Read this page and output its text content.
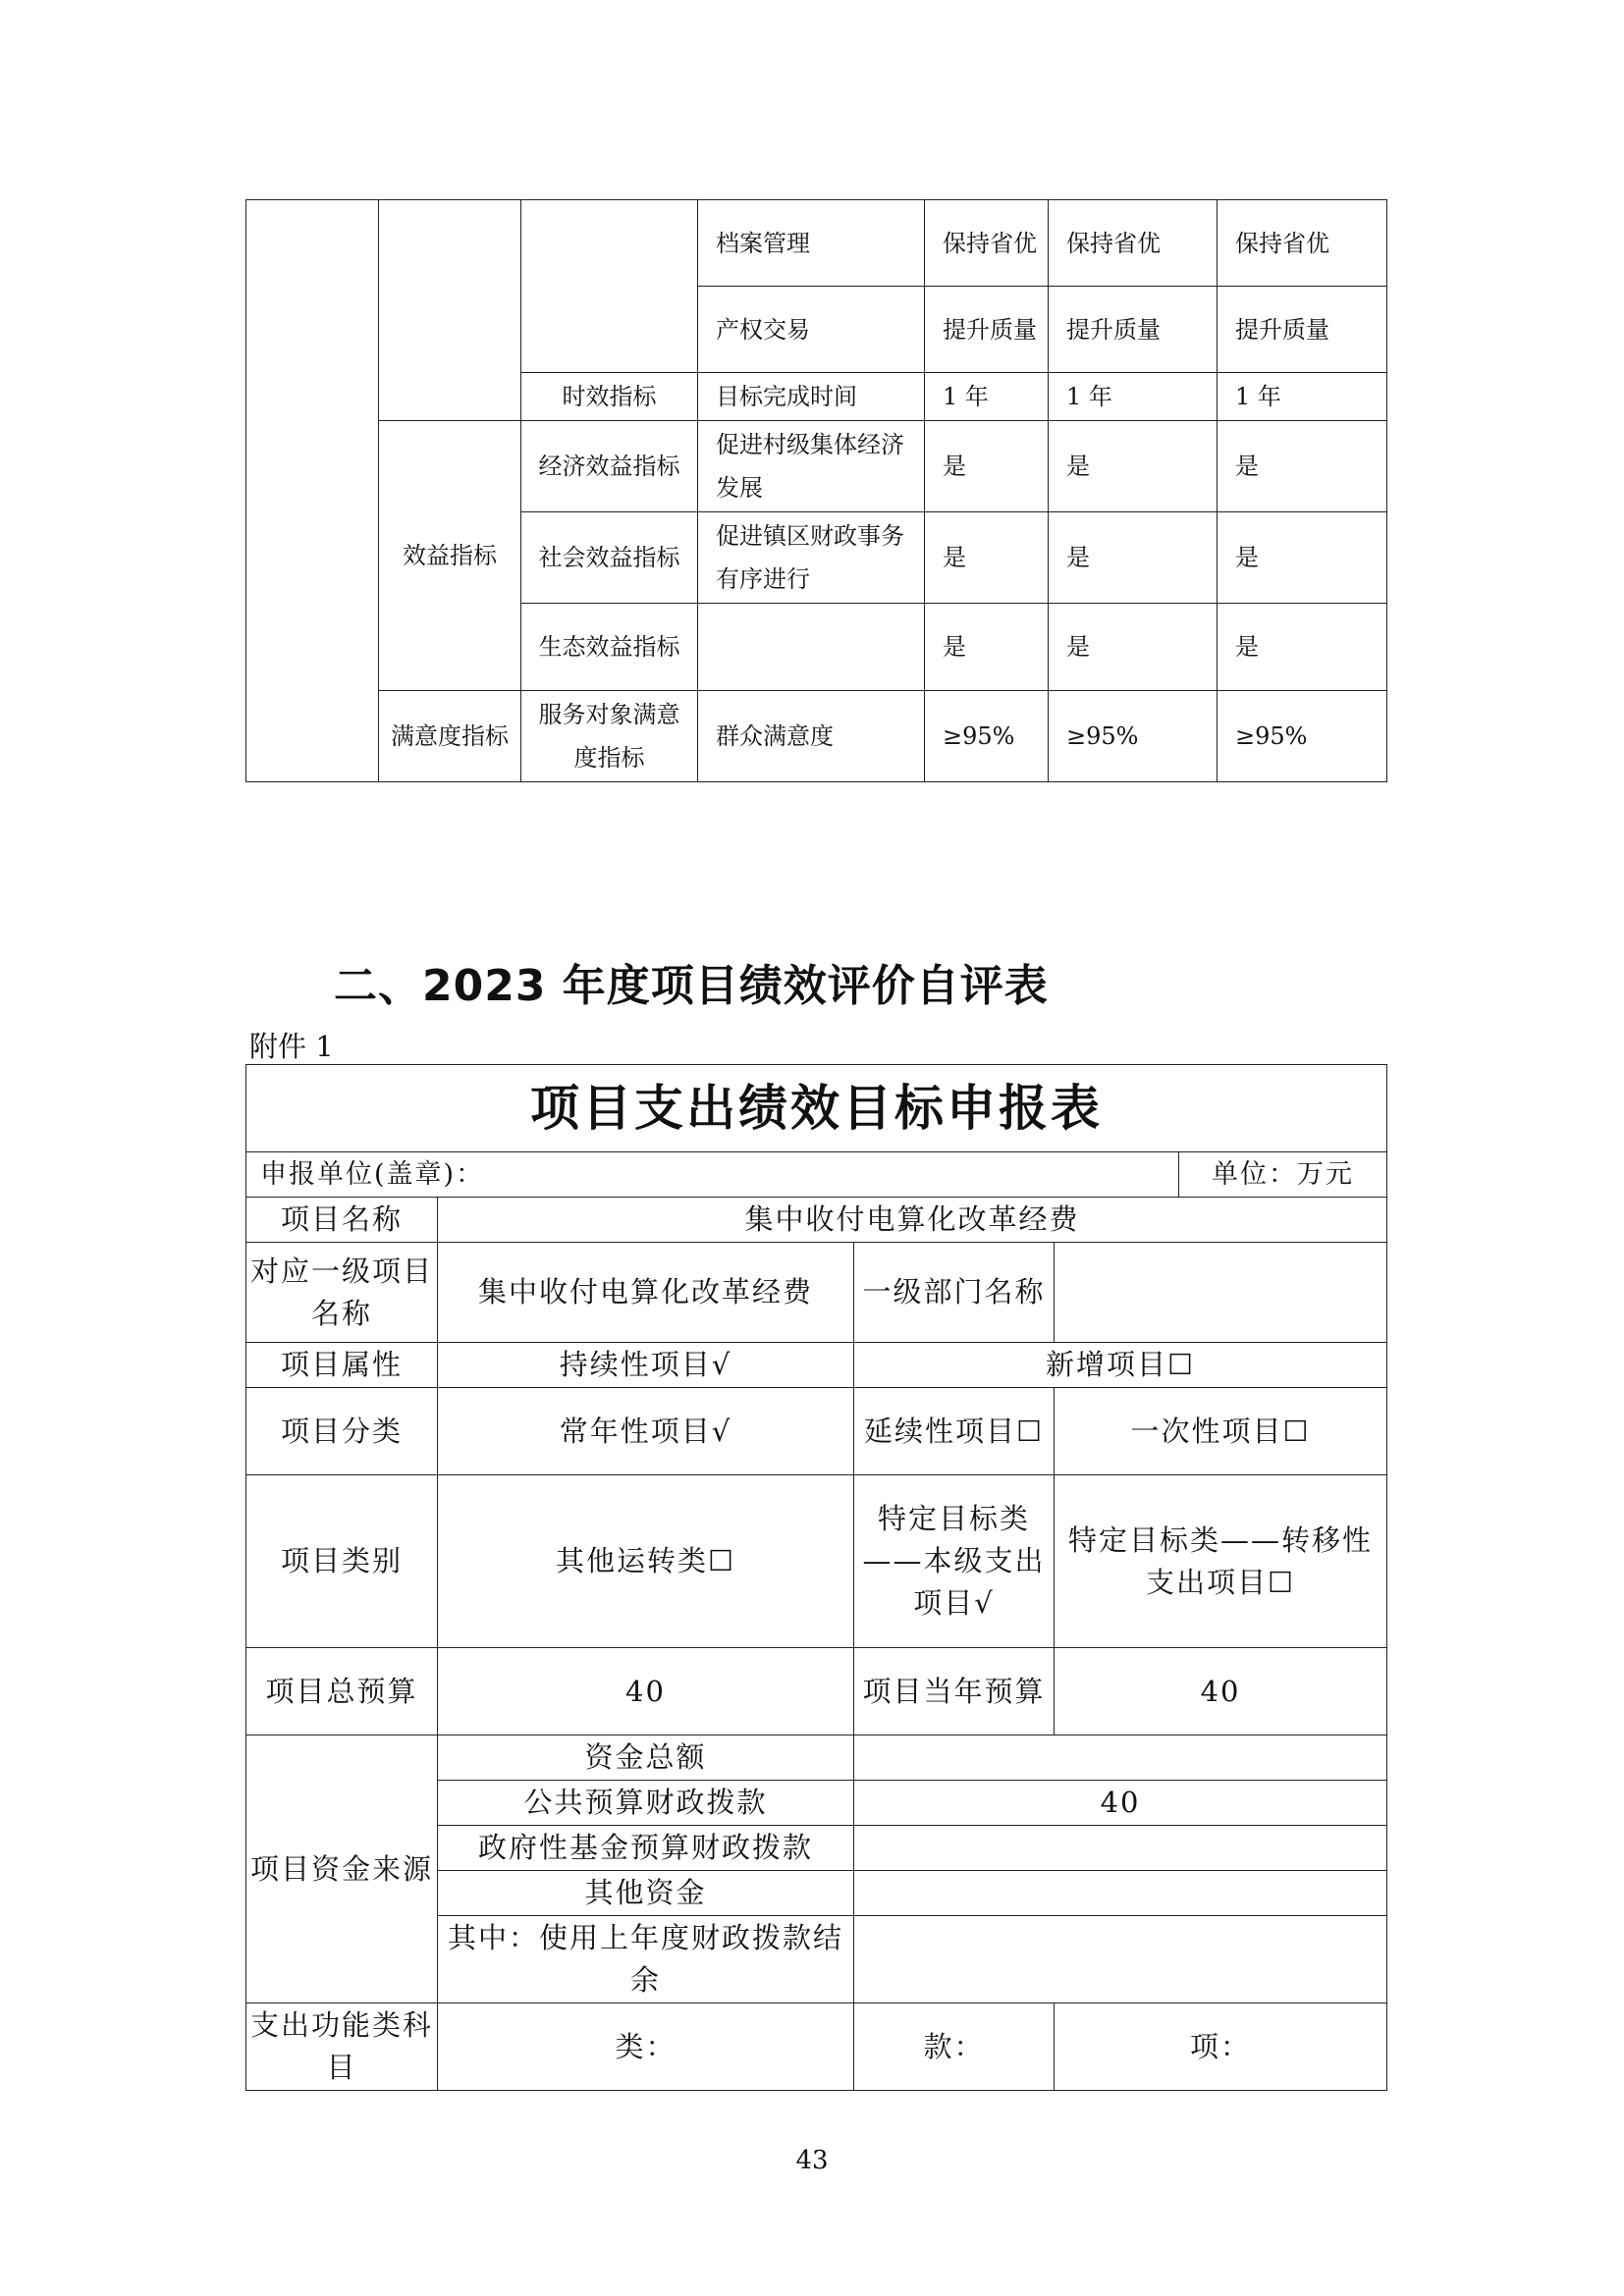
			档案管理	保持省优	保持省优	保持省优
			产权交易	提升质量	提升质量	提升质量
		时效指标	目标完成时间	1 年	1 年	1 年
	效益指标	经济效益指标	促进村级集体经济发展	是	是	是
		社会效益指标	促进镇区财政事务有序进行	是	是	是
		生态效益指标		是	是	是
	满意度指标	服务对象满意度指标	群众满意度	≥95%	≥95%	≥95%
二、2023 年度项目绩效评价自评表
附件 1
项目支出绩效目标申报表				
申报单位(盖章)：				单位：万元
项目名称	集中收付电算化改革经费			
对应一级项目名称	集中收付电算化改革经费	一级部门名称		
项目属性	持续性项目√	新增项目☐		
项目分类	常年性项目√	延续性项目☐	一次性项目☐	
项目类别	其他运转类☐	特定目标类——本级支出项目√	特定目标类——转移性支出项目☐	
项目总预算	40	项目当年预算	40	
项目资金来源	资金总额			
	公共预算财政拨款	40		
	政府性基金预算财政拨款			
	其他资金			
	其中：使用上年度财政拨款结余			
支出功能类科目	类：	款：	项：	
43
